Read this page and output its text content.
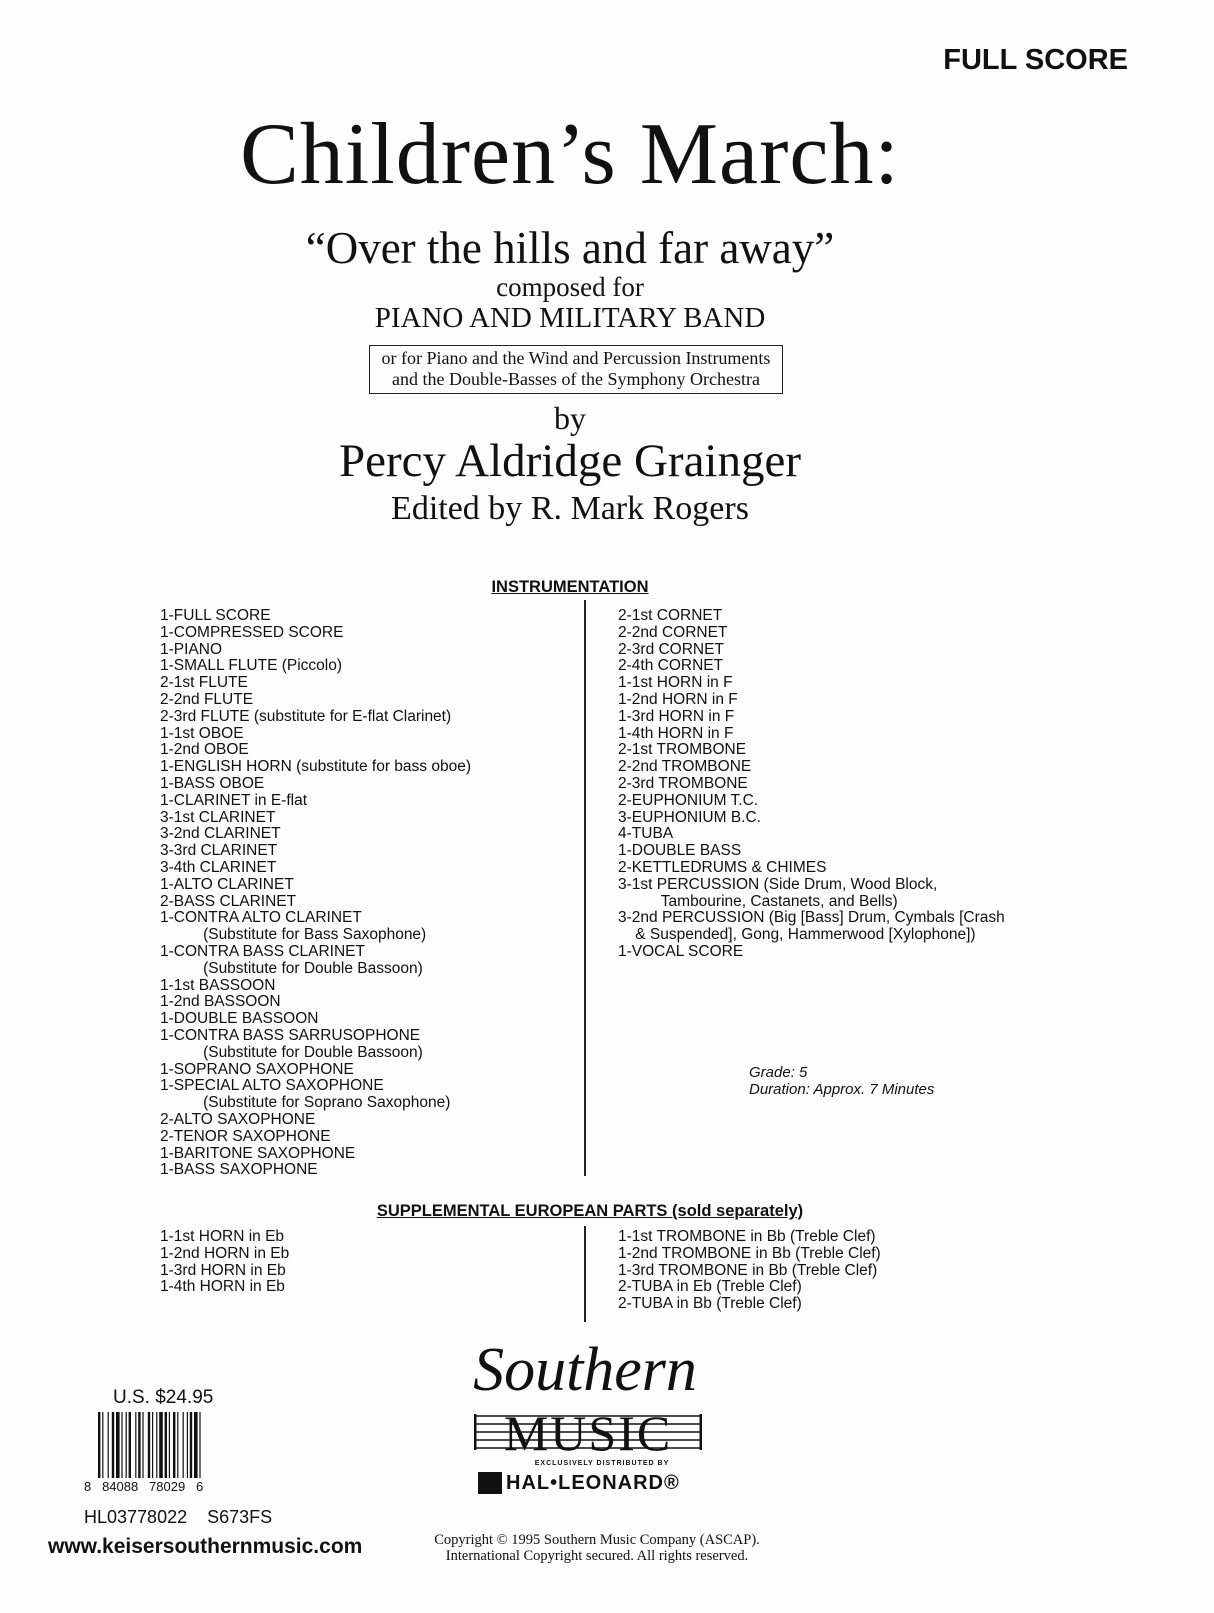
FULL SCORE
Children’s March:
“Over the hills and far away”
composed for
PIANO AND MILITARY BAND
or for Piano and the Wind and Percussion Instruments
and the Double-Basses of the Symphony Orchestra
by
Percy Aldridge Grainger
Edited by R. Mark Rogers
INSTRUMENTATION
1-FULL SCORE
1-COMPRESSED SCORE
1-PIANO
1-SMALL FLUTE (Piccolo)
2-1st FLUTE
2-2nd FLUTE
2-3rd FLUTE (substitute for E-flat Clarinet)
1-1st OBOE
1-2nd OBOE
1-ENGLISH HORN (substitute for bass oboe)
1-BASS OBOE
1-CLARINET in E-flat
3-1st CLARINET
3-2nd CLARINET
3-3rd CLARINET
3-4th CLARINET
1-ALTO CLARINET
2-BASS CLARINET
1-CONTRA ALTO CLARINET
(Substitute for Bass Saxophone)
1-CONTRA BASS CLARINET
(Substitute for Double Bassoon)
1-1st BASSOON
1-2nd BASSOON
1-DOUBLE BASSOON
1-CONTRA BASS SARRUSOPHONE
(Substitute for Double Bassoon)
1-SOPRANO SAXOPHONE
1-SPECIAL ALTO SAXOPHONE
(Substitute for Soprano Saxophone)
2-ALTO SAXOPHONE
2-TENOR SAXOPHONE
1-BARITONE SAXOPHONE
1-BASS SAXOPHONE
2-1st CORNET
2-2nd CORNET
2-3rd CORNET
2-4th CORNET
1-1st HORN in F
1-2nd HORN in F
1-3rd HORN in F
1-4th HORN in F
2-1st TROMBONE
2-2nd TROMBONE
2-3rd TROMBONE
2-EUPHONIUM T.C.
3-EUPHONIUM B.C.
4-TUBA
1-DOUBLE BASS
2-KETTLEDRUMS & CHIMES
3-1st PERCUSSION (Side Drum, Wood Block,
Tambourine, Castanets, and Bells)
3-2nd PERCUSSION (Big [Bass] Drum, Cymbals [Crash
& Suspended], Gong, Hammerwood [Xylophone])
1-VOCAL SCORE
Grade: 5
Duration: Approx. 7 Minutes
SUPPLEMENTAL EUROPEAN PARTS (sold separately)
1-1st HORN in Eb
1-2nd HORN in Eb
1-3rd HORN in Eb
1-4th HORN in Eb
1-1st TROMBONE in Bb (Treble Clef)
1-2nd TROMBONE in Bb (Treble Clef)
1-3rd TROMBONE in Bb (Treble Clef)
2-TUBA in Eb (Treble Clef)
2-TUBA in Bb (Treble Clef)
Southern
MUSIC
EXCLUSIVELY DISTRIBUTED BY
HAL•LEONARD®
Copyright © 1995 Southern Music Company (ASCAP).
International Copyright secured. All rights reserved.
U.S. $24.95
8   84088   78029   6
HL03778022    S673FS
www.keisersouthernmusic.com
